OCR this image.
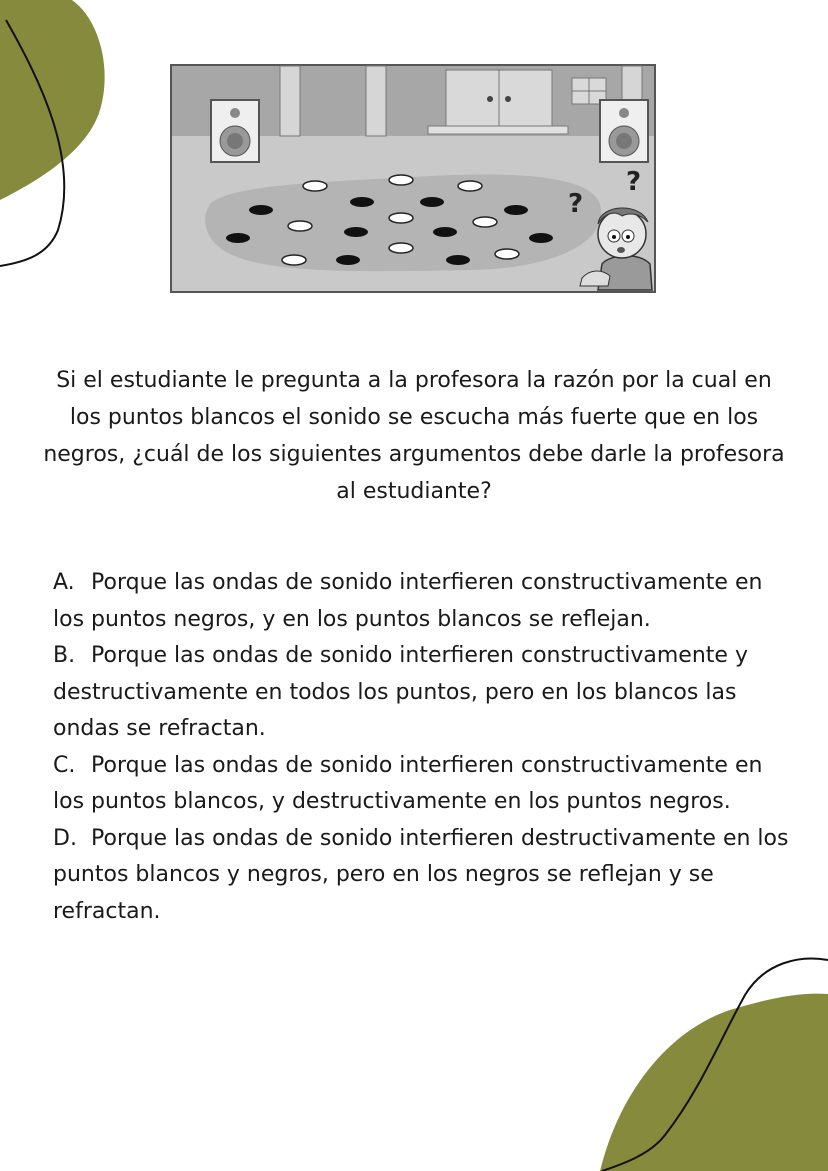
?
?

Si el estudiante le pregunta a la profesora la razón por la cual en los puntos blancos el sonido se escucha más fuerte que en los negros, ¿cuál de los siguientes argumentos debe darle la profesora al estudiante?

A. Porque las ondas de sonido interfieren constructivamente en los puntos negros, y en los puntos blancos se reflejan.

B. Porque las ondas de sonido interfieren constructivamente y destructivamente en todos los puntos, pero en los blancos las ondas se refractan.

C. Porque las ondas de sonido interfieren constructivamente en los puntos blancos, y destructivamente en los puntos negros.

D. Porque las ondas de sonido interfieren destructivamente en los puntos blancos y negros, pero en los negros se reflejan y se refractan.
